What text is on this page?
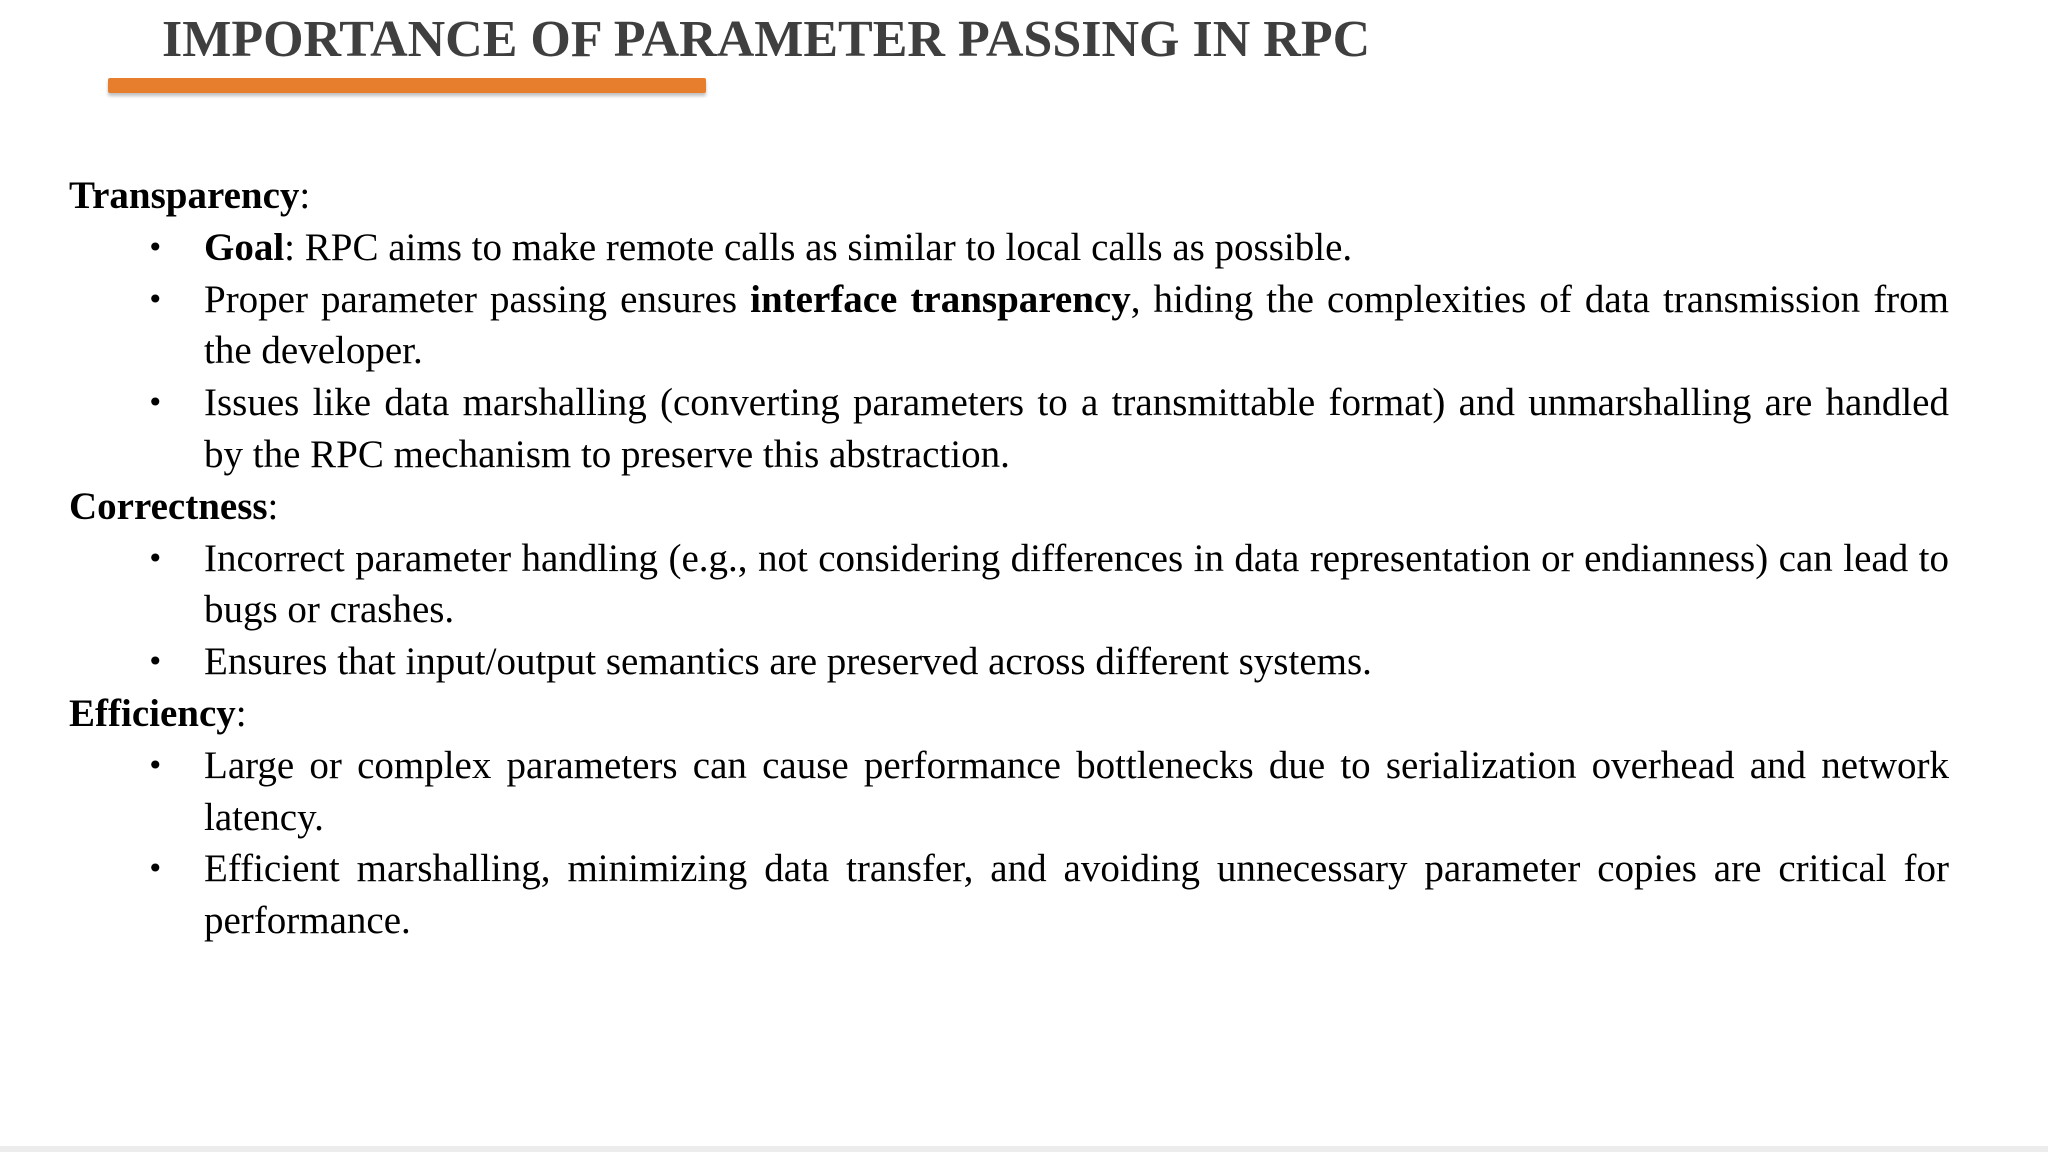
IMPORTANCE OF PARAMETER PASSING IN RPC

Transparency:

• Goal: RPC aims to make remote calls as similar to local calls as possible.
• Proper parameter passing ensures interface transparency, hiding the complexities of data transmission from the developer.
• Issues like data marshalling (converting parameters to a transmittable format) and unmarshalling are handled by the RPC mechanism to preserve this abstraction.

Correctness:

• Incorrect parameter handling (e.g., not considering differences in data representation or endianness) can lead to bugs or crashes.
• Ensures that input/output semantics are preserved across different systems.

Efficiency:

• Large or complex parameters can cause performance bottlenecks due to serialization overhead and network latency.
• Efficient marshalling, minimizing data transfer, and avoiding unnecessary parameter copies are critical for performance.
